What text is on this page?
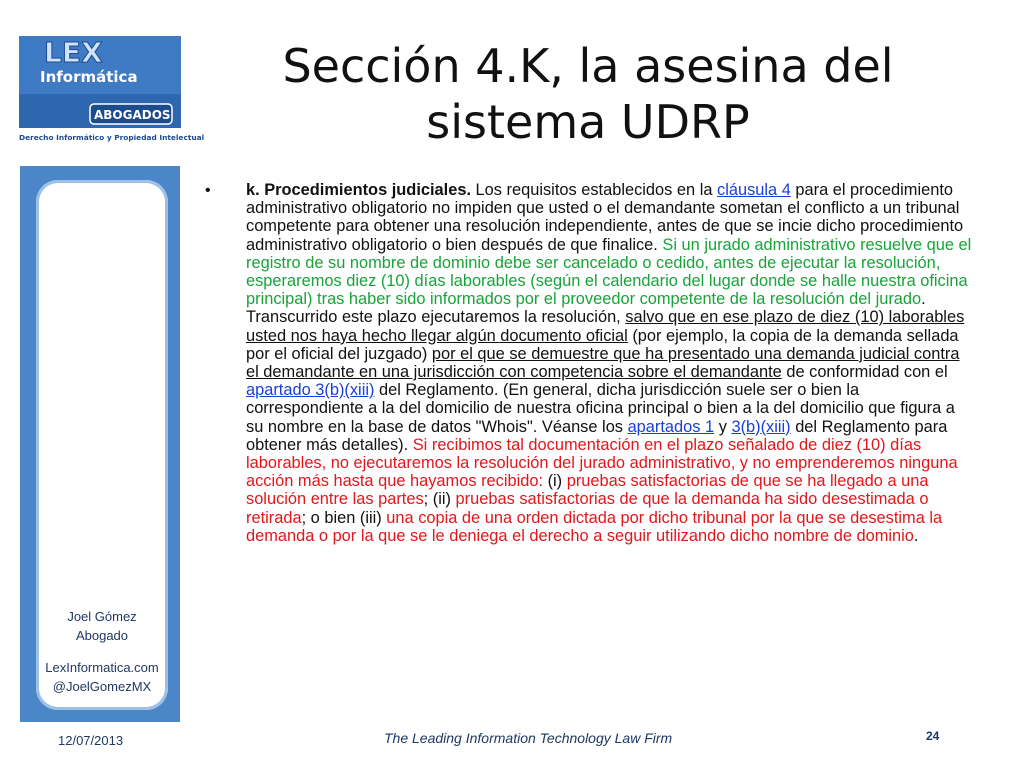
LEX
Informática
ABOGADOS
Derecho Informático y Propiedad Intelectual
Joel Gómez
Abogado
LexInformatica.com
@JoelGomezMX
Sección 4.K, la asesina del sistema UDRP
• k. Procedimientos judiciales. Los requisitos establecidos en la cláusula 4 para el procedimiento administrativo obligatorio no impiden que usted o el demandante sometan el conflicto a un tribunal competente para obtener una resolución independiente, antes de que se incie dicho procedimiento administrativo obligatorio o bien después de que finalice. Si un jurado administrativo resuelve que el registro de su nombre de dominio debe ser cancelado o cedido, antes de ejecutar la resolución, esperaremos diez (10) días laborables (según el calendario del lugar donde se halle nuestra oficina principal) tras haber sido informados por el proveedor competente de la resolución del jurado. Transcurrido este plazo ejecutaremos la resolución, salvo que en ese plazo de diez (10) laborables usted nos haya hecho llegar algún documento oficial (por ejemplo, la copia de la demanda sellada por el oficial del juzgado) por el que se demuestre que ha presentado una demanda judicial contra el demandante en una jurisdicción con competencia sobre el demandante de conformidad con el apartado 3(b)(xiii) del Reglamento. (En general, dicha jurisdicción suele ser o bien la correspondiente a la del domicilio de nuestra oficina principal o bien a la del domicilio que figura a su nombre en la base de datos "Whois". Véanse los apartados 1 y 3(b)(xiii) del Reglamento para obtener más detalles). Si recibimos tal documentación en el plazo señalado de diez (10) días laborables, no ejecutaremos la resolución del jurado administrativo, y no emprenderemos ninguna acción más hasta que hayamos recibido: (i) pruebas satisfactorias de que se ha llegado a una solución entre las partes; (ii) pruebas satisfactorias de que la demanda ha sido desestimada o retirada; o bien (iii) una copia de una orden dictada por dicho tribunal por la que se desestima la demanda o por la que se le deniega el derecho a seguir utilizando dicho nombre de dominio.
12/07/2013	The Leading Information Technology Law Firm	24
